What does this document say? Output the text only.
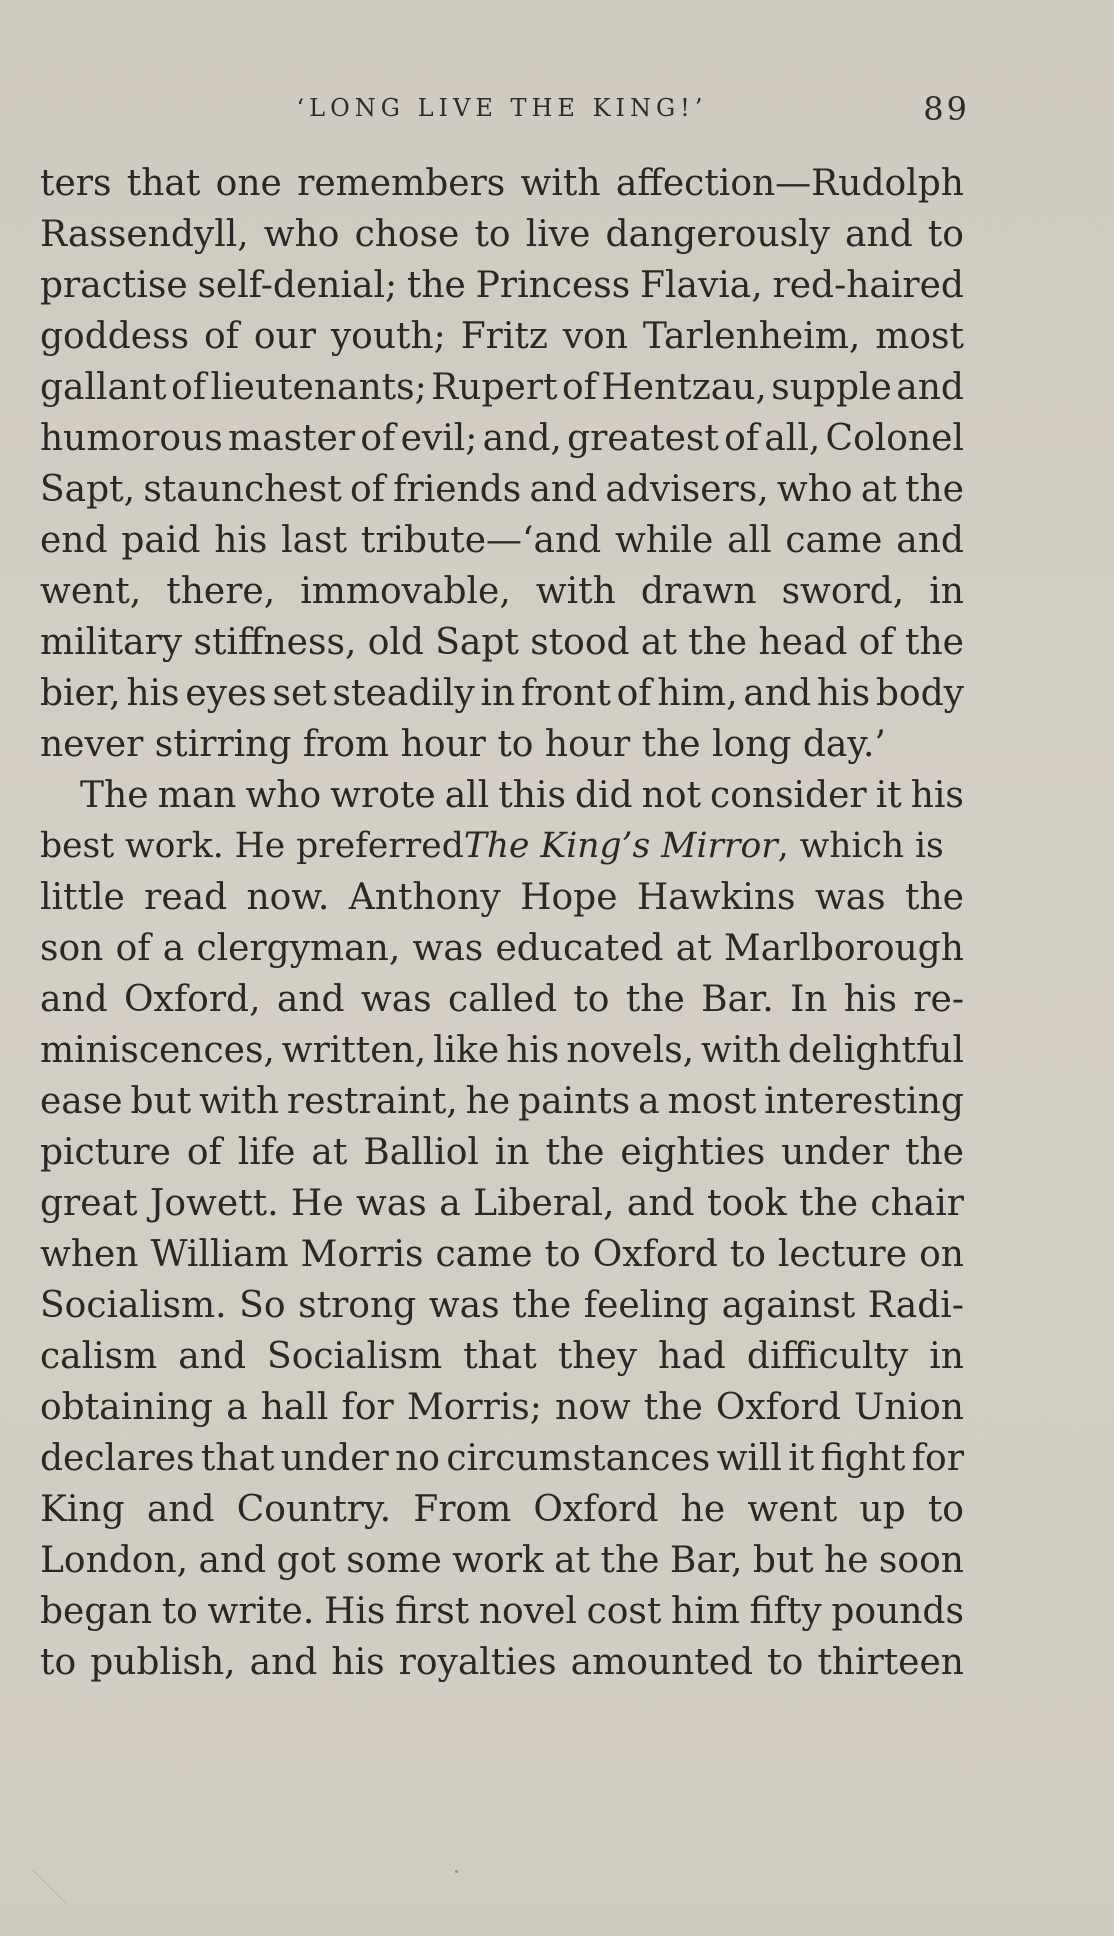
‘LONG LIVE THE KING!’	89
ters that one remembers with affection—Rudolph
Rassendyll, who chose to live dangerously and to
practise self-denial; the Princess Flavia, red-haired
goddess of our youth; Fritz von Tarlenheim, most
gallant of lieutenants; Rupert of Hentzau, supple and
humorous master of evil; and, greatest of all, Colonel
Sapt, staunchest of friends and advisers, who at the
end paid his last tribute—‘and while all came and
went, there, immovable, with drawn sword, in
military stiffness, old Sapt stood at the head of the
bier, his eyes set steadily in front of him, and his body
never stirring from hour to hour the long day.’
The man who wrote all this did not consider it his
best work. He preferredThe King’s Mirror, which is
little read now. Anthony Hope Hawkins was the
son of a clergyman, was educated at Marlborough
and Oxford, and was called to the Bar. In his re-
miniscences, written, like his novels, with delightful
ease but with restraint, he paints a most interesting
picture of life at Balliol in the eighties under the
great Jowett. He was a Liberal, and took the chair
when William Morris came to Oxford to lecture on
Socialism. So strong was the feeling against Radi-
calism and Socialism that they had difficulty in
obtaining a hall for Morris; now the Oxford Union
declares that under no circumstances will it fight for
King and Country. From Oxford he went up to
London, and got some work at the Bar, but he soon
began to write. His first novel cost him fifty pounds
to publish, and his royalties amounted to thirteen
